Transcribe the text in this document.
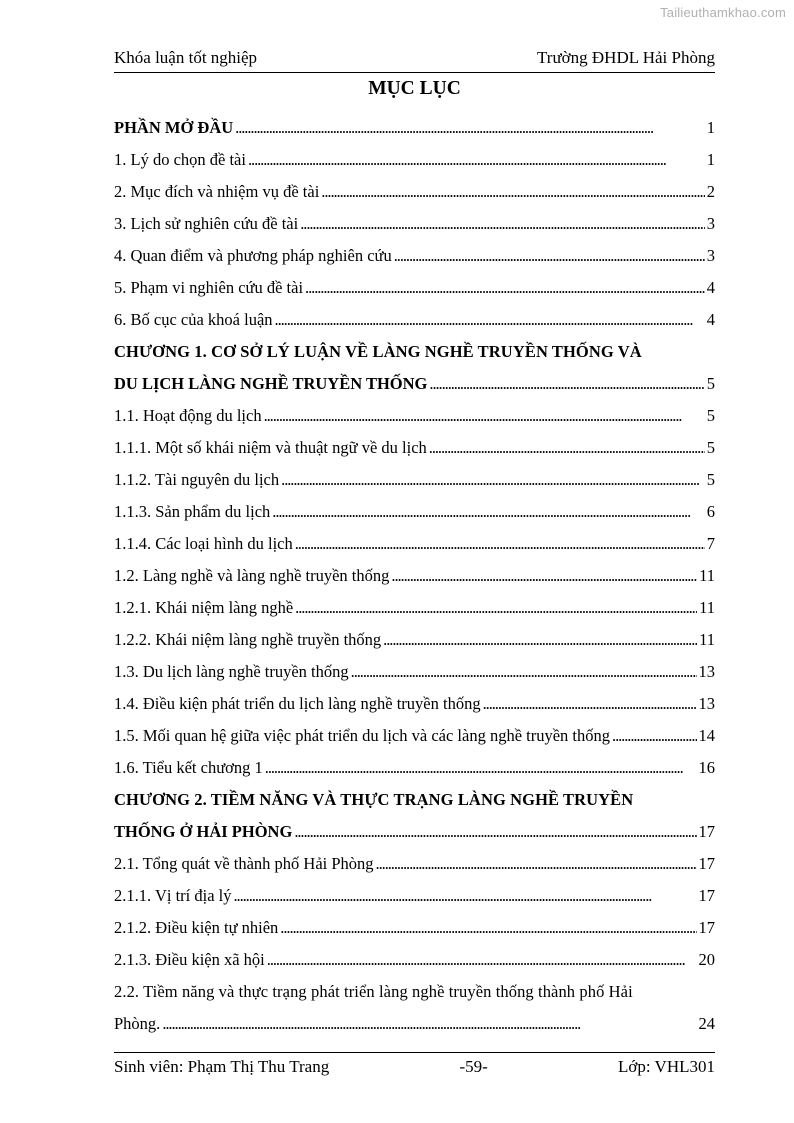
Tailieuthamkhao.com
Khóa luận tốt nghiệp	Trường ĐHDL Hải Phòng
MỤC LỤC
PHẦN MỞ ĐẦU . . .	1
1. Lý do chọn đề tài . . .	1
2. Mục đích và nhiệm vụ đề tài . . .	2
3. Lịch sử nghiên cứu đề tài . . .	3
4. Quan điểm và phương pháp nghiên cứu . . .	3
5. Phạm vi nghiên cứu đề tài . . .	4
6. Bố cục của khoá luận . . .	4
CHƯƠNG 1. CƠ SỞ LÝ LUẬN VỀ LÀNG NGHỀ TRUYỀN THỐNG VÀ
DU LỊCH LÀNG NGHỀ TRUYỀN THỐNG . . .	5
1.1. Hoạt động du lịch . . .	5
1.1.1. Một số khái niệm và thuật ngữ về du lịch . . .	5
1.1.2. Tài nguyên du lịch . . .	5
1.1.3. Sản phẩm du lịch . . .	6
1.1.4. Các loại hình du lịch . . .	7
1.2. Làng nghề và làng nghề truyền thống . . .	11
1.2.1. Khái niệm làng nghề . . .	11
1.2.2. Khái niệm làng nghề truyền thống . . .	11
1.3. Du lịch làng nghề truyền thống . . .	13
1.4. Điều kiện phát triển du lịch làng nghề truyền thống . . .	13
1.5. Mối quan hệ giữa việc phát triển du lịch và các làng nghề truyền thống . . .	14
1.6. Tiểu kết chương 1 . . .	16
CHƯƠNG 2. TIỀM NĂNG VÀ THỰC TRẠNG LÀNG NGHỀ TRUYỀN
THỐNG Ở HẢI PHÒNG . . .	17
2.1. Tổng quát về thành phố Hải Phòng . . .	17
2.1.1. Vị trí địa lý . . .	17
2.1.2. Điều kiện tự nhiên . . .	17
2.1.3. Điều kiện xã hội . . .	20
2.2. Tiềm năng và thực trạng phát triển làng nghề truyền thống thành phố Hải
Phòng. . . .	24
Sinh viên: Phạm Thị Thu Trang	-59-	Lớp: VHL301
